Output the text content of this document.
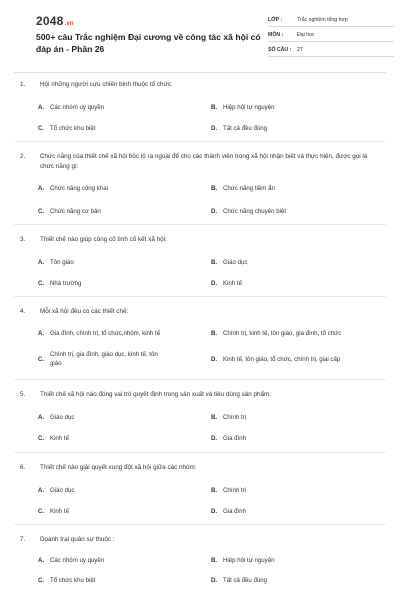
2048.vn
500+ câu Trắc nghiệm Đại cương về công tác xã hội có đáp án - Phần 26
LỚP :	Trắc nghiệm tổng hợp
MÔN :	Đại học
SỐ CÂU :	27
1.	Hội những người cựu chiến binh thuộc tổ chức:
A. Các nhóm uy quyền	B. Hiệp hội tự nguyện
C. Tổ chức khu biệt	D. Tất cả đều đúng
2.	Chức năng của thiết chế xã hội bộc lộ ra ngoài để cho các thành viên trong xã hội nhận biết và thực hiện, được gọi là chức năng gì:
A. Chức năng công khai	B. Chức năng tiềm ẩn
C. Chức năng cơ bản	D. Chức năng chuyên biệt
3.	Thiết chế nào giúp củng cố tình cố kết xã hội:
A. Tôn giáo	B. Giáo dục
C. Nhà trường	D. Kinh tế
4.	Mỗi xã hội đều có các thiết chế:
A. Gia đình, chính trị, tổ chức,nhóm, kinh tế	B. Chính trị, kinh tế, tôn giáo, gia đình, tổ chức
C.
Chính trị, gia đình, giáo dục, kinh tế, tôn giáo	D. Kinh tế, tôn giáo, tổ chức, chính trị, giai cấp
5.	Thiết chế xã hội nào đóng vai trò quyết định trong sản xuất và tiêu dùng sản phẩm:
A. Giáo dục	B. Chính trị
C. Kinh tế	D. Gia đình
6.	Thiết chế nào giải quyết xung đột xã hội giữa các nhóm:
A. Giáo dục	B. Chính trị
C. Kinh tế	D. Gia đình
7.	Doanh trại quân sự thuộc :
A. Các nhóm uy quyền	B. Hiệp hội tự nguyện
C. Tổ chức khu biệt	D. Tất cả đều đúng
